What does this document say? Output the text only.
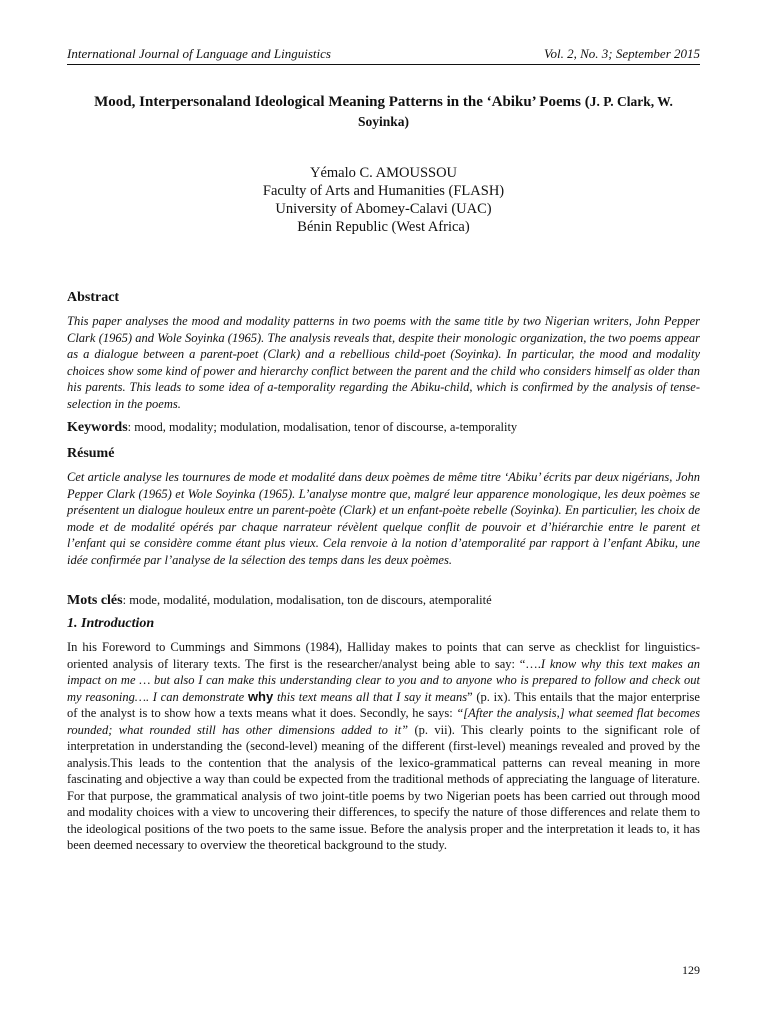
International Journal of Language and Linguistics	Vol. 2, No. 3; September 2015
Mood, Interpersonaland Ideological Meaning Patterns in the ‘Abiku’ Poems (J. P. Clark, W. Soyinka)
Yémalo C. AMOUSSOU
Faculty of Arts and Humanities (FLASH)
University of Abomey-Calavi (UAC)
Bénin Republic (West Africa)
Abstract
This paper analyses the mood and modality patterns in two poems with the same title by two Nigerian writers, John Pepper Clark (1965) and Wole Soyinka (1965). The analysis reveals that, despite their monologic organization, the two poems appear as a dialogue between a parent-poet (Clark) and a rebellious child-poet (Soyinka). In particular, the mood and modality choices show some kind of power and hierarchy conflict between the parent and the child who considers himself as older than his parents. This leads to some idea of a-temporality regarding the Abiku-child, which is confirmed by the analysis of tense-selection in the poems.
Keywords: mood, modality; modulation, modalisation, tenor of discourse, a-temporality
Résumé
Cet article analyse les tournures de mode et modalité dans deux poèmes de même titre ‘Abiku’ écrits par deux nigérians, John Pepper Clark (1965) et Wole Soyinka (1965). L’analyse montre que, malgré leur apparence monologique, les deux poèmes se présentent un dialogue houleux entre un parent-poète (Clark) et un enfant-poète rebelle (Soyinka). En particulier, les choix de mode et de modalité opérés par chaque narrateur révèlent quelque conflit de pouvoir et d’hiérarchie entre le parent et l’enfant qui se considère comme étant plus vieux. Cela renvoie à la notion d’atemporalité par rapport à l’enfant Abiku, une idée confirmée par l’analyse de la sélection des temps dans les deux poèmes.
Mots clés: mode, modalité, modulation, modalisation, ton de discours, atemporalité
1. Introduction
In his Foreword to Cummings and Simmons (1984), Halliday makes to points that can serve as checklist for linguistics-oriented analysis of literary texts. The first is the researcher/analyst being able to say: “….I know why this text makes an impact on me … but also I can make this understanding clear to you and to anyone who is prepared to follow and check out my reasoning…. I can demonstrate why this text means all that I say it means” (p. ix). This entails that the major enterprise of the analyst is to show how a texts means what it does. Secondly, he says: “[After the analysis,] what seemed flat becomes rounded; what rounded still has other dimensions added to it” (p. vii). This clearly points to the significant role of interpretation in understanding the (second-level) meaning of the different (first-level) meanings revealed and proved by the analysis.This leads to the contention that the analysis of the lexico-grammatical patterns can reveal meaning in more fascinating and objective a way than could be expected from the traditional methods of appreciating the language of literature. For that purpose, the grammatical analysis of two joint-title poems by two Nigerian poets has been carried out through mood and modality choices with a view to uncovering their differences, to specify the nature of those differences and relate them to the ideological positions of the two poets to the same issue. Before the analysis proper and the interpretation it leads to, it has been deemed necessary to overview the theoretical background to the study.
129
